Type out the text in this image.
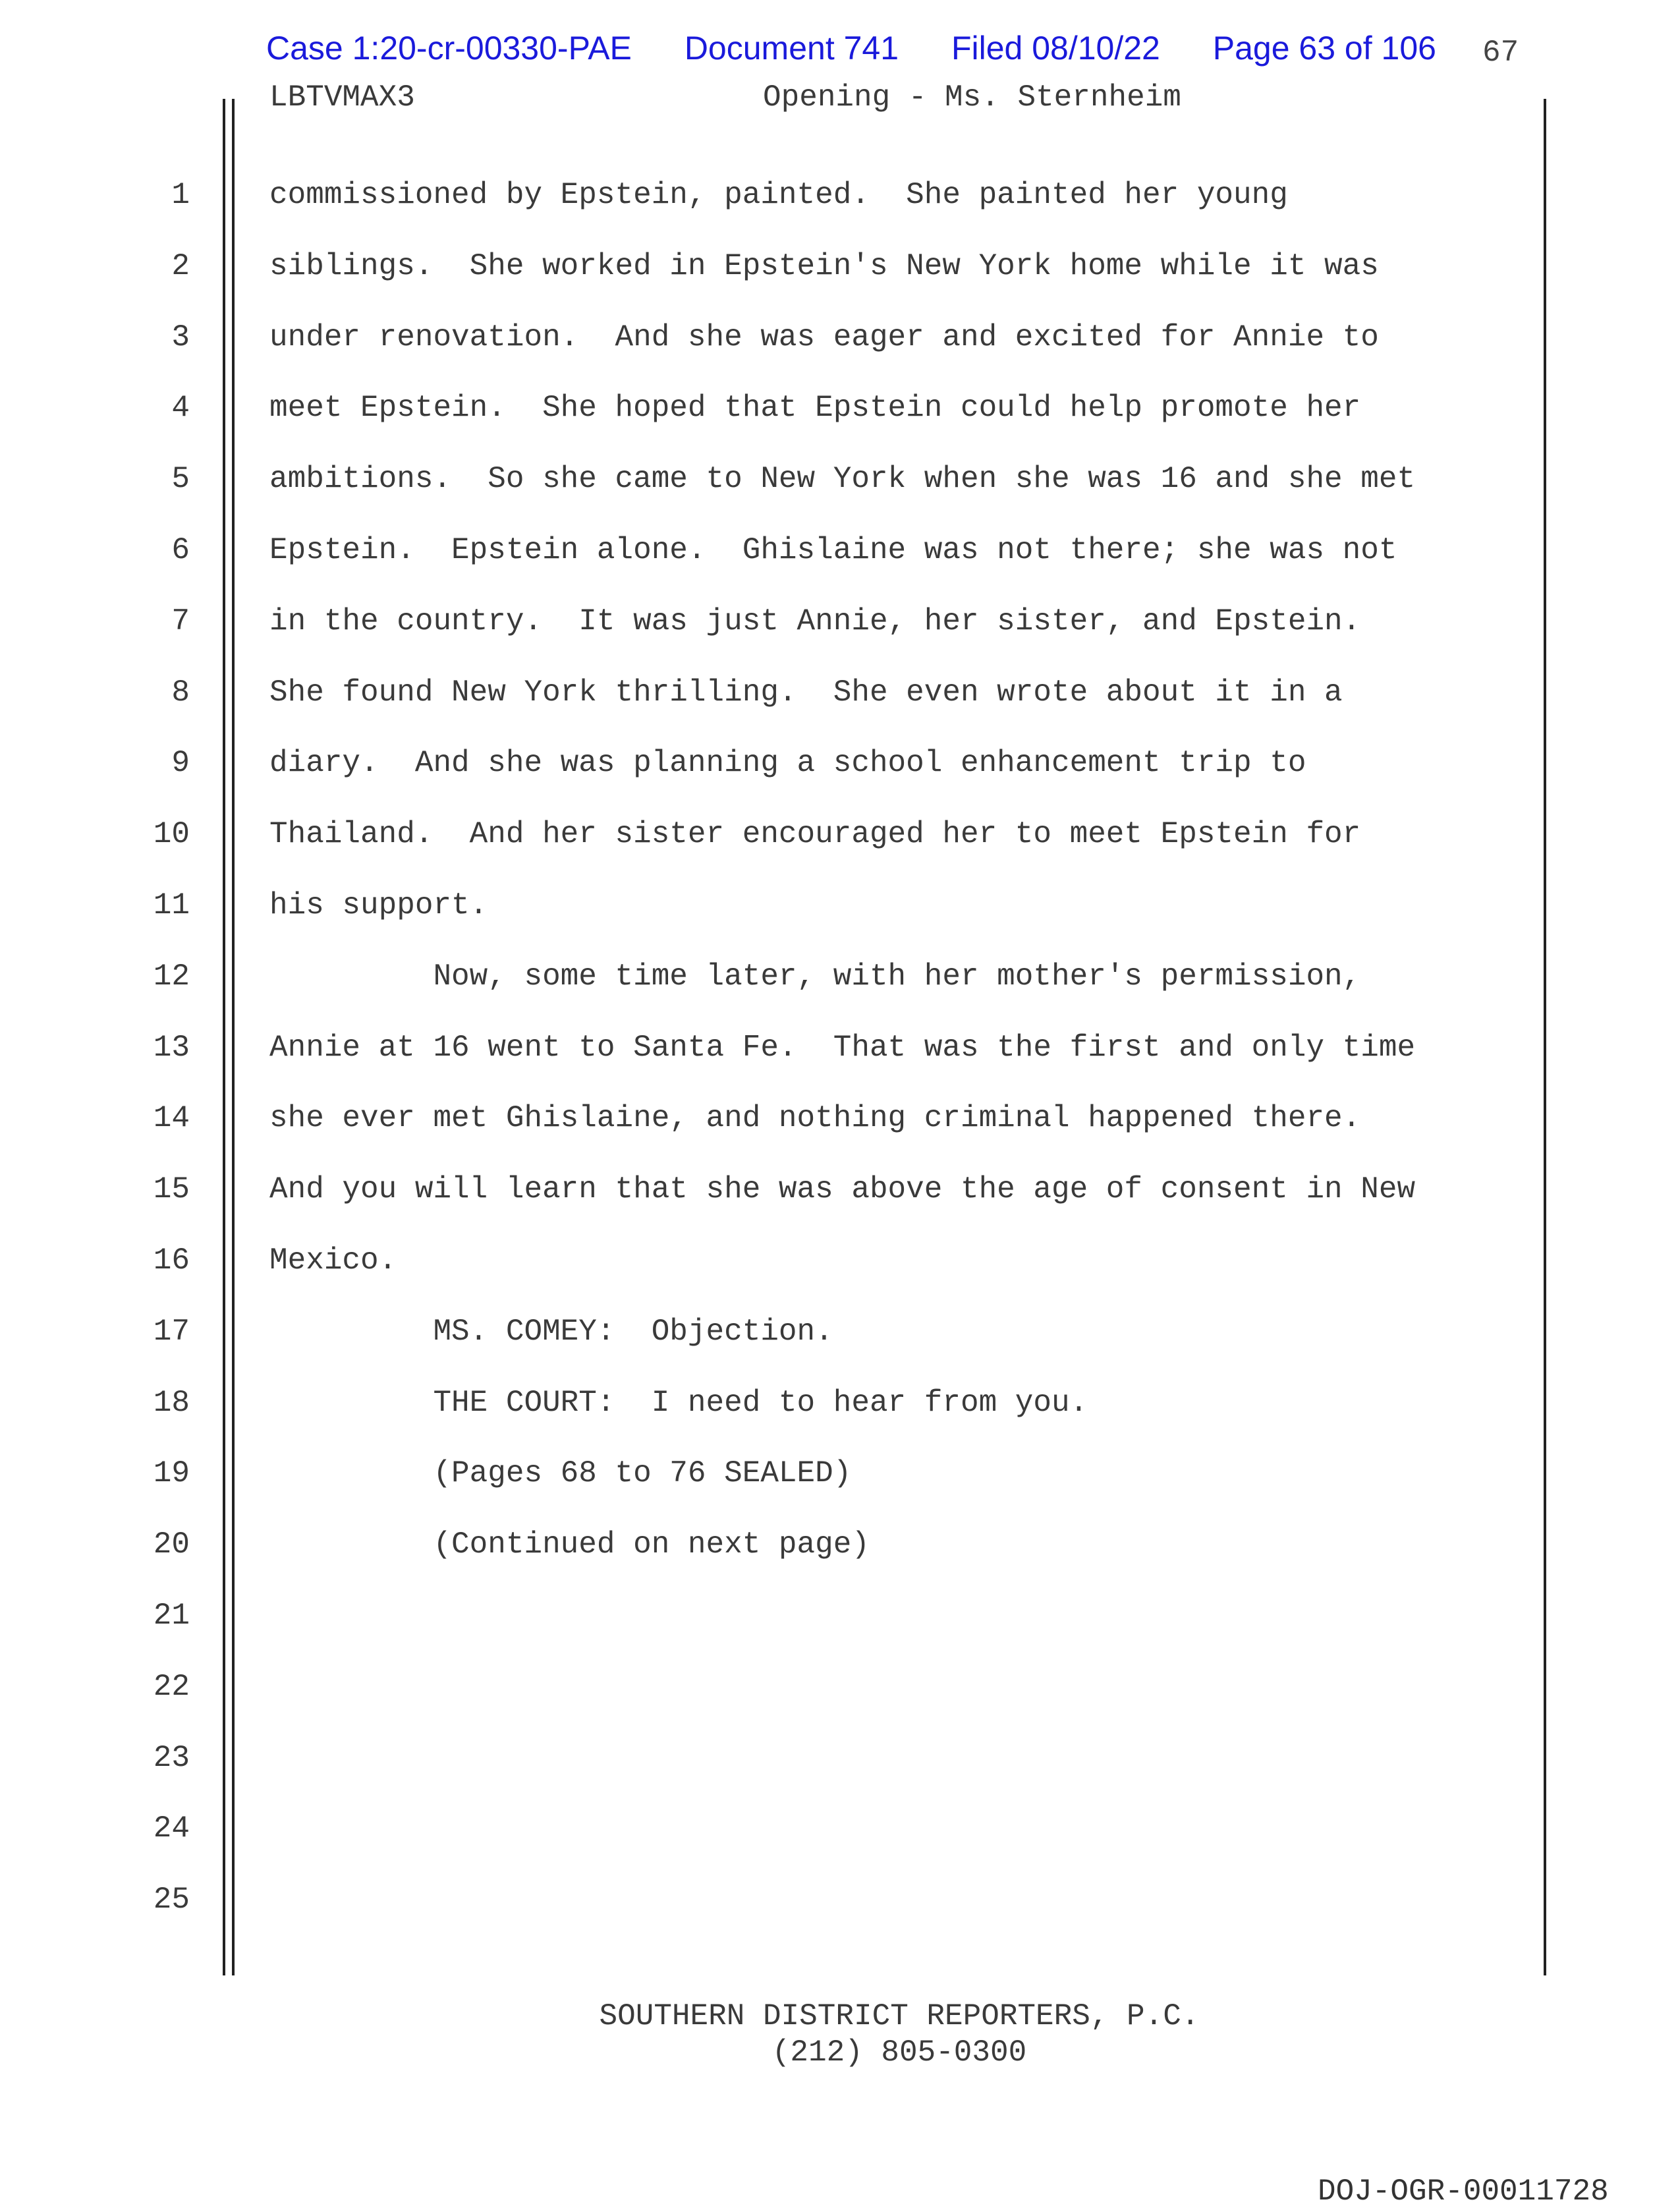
Case 1:20-cr-00330-PAE Document 741 Filed 08/10/22 Page 63 of 106 67
LBTVMAX3	Opening - Ms. Sternheim
1	commissioned by Epstein, painted.  She painted her young
2	siblings.  She worked in Epstein's New York home while it was
3	under renovation.  And she was eager and excited for Annie to
4	meet Epstein.  She hoped that Epstein could help promote her
5	ambitions.  So she came to New York when she was 16 and she met
6	Epstein.  Epstein alone.  Ghislaine was not there; she was not
7	in the country.  It was just Annie, her sister, and Epstein.
8	She found New York thrilling.  She even wrote about it in a
9	diary.  And she was planning a school enhancement trip to
10	Thailand.  And her sister encouraged her to meet Epstein for
11	his support.
12	Now, some time later, with her mother's permission,
13	Annie at 16 went to Santa Fe.  That was the first and only time
14	she ever met Ghislaine, and nothing criminal happened there.
15	And you will learn that she was above the age of consent in New
16	Mexico.
17	MS. COMEY:  Objection.
18	THE COURT:  I need to hear from you.
19	(Pages 68 to 76 SEALED)
20	(Continued on next page)
21
22
23
24
25
SOUTHERN DISTRICT REPORTERS, P.C.
(212) 805-0300
DOJ-OGR-00011728
